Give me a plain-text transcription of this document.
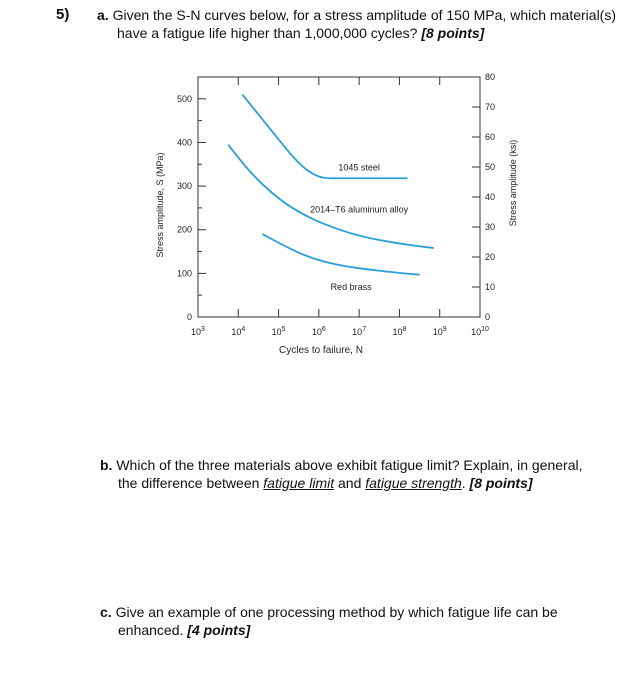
5) a. Given the S-N curves below, for a stress amplitude of 150 MPa, which material(s)
have a fatigue life higher than 1,000,000 cycles? [8 points]
$10^3$	$10^4$	$10^5$	$10^6$	$10^7$	$10^8$	$10^9$	$10^{10}$
0
100
200
300
400
500
0
10
20
30
40
50
60
70
80
1045 steel
2014–T6 aluminum alloy
Red brass
Cycles to failure, N
Stress amplitude, S (MPa)	Stress amplitude (ksi)
b. Which of the three materials above exhibit fatigue limit? Explain, in general,
the difference between fatigue limit and fatigue strength. [8 points]
c. Give an example of one processing method by which fatigue life can be
enhanced. [4 points]
